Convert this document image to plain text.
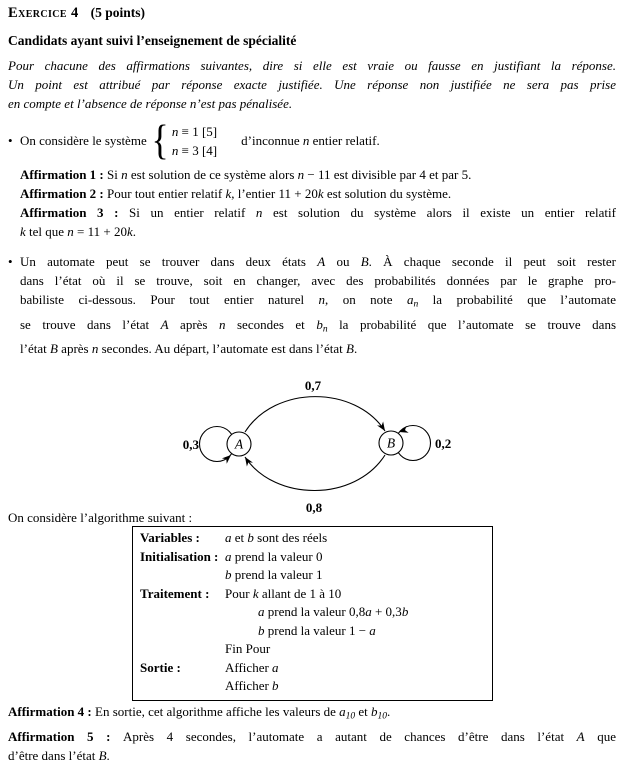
Exercice 4 (5 points)
Candidats ayant suivi l’enseignement de spécialité
Pour chacune des affirmations suivantes, dire si elle est vraie ou fausse en justifiant la réponse.
Un point est attribué par réponse exacte justifiée. Une réponse non justifiée ne sera pas prise
en compte et l’absence de réponse n’est pas pénalisée.
• On considère le système { n ≡ 1 [5]
n ≡ 3 [4]
d’inconnue n entier relatif.
Affirmation 1 : Si n est solution de ce système alors n − 11 est divisible par 4 et par 5.
Affirmation 2 : Pour tout entier relatif k, l’entier 11 + 20k est solution du système.
Affirmation 3 : Si un entier relatif n est solution du système alors il existe un entier relatif
k tel que n = 11 + 20k.
• Un automate peut se trouver dans deux états A ou B. À chaque seconde il peut soit rester
dans l’état où il se trouve, soit en changer, avec des probabilités données par le graphe pro-
babiliste ci-dessous. Pour tout entier naturel n, on note an la probabilité que l’automate
se trouve dans l’état A après n secondes et bn la probabilité que l’automate se trouve dans
l’état B après n secondes. Au départ, l’automate est dans l’état B.
A	B
0,7
0,8
0,3	0,2
On considère l’algorithme suivant :
Variables : a et b sont des réels
Initialisation : a prend la valeur 0
b prend la valeur 1
Traitement : Pour k allant de 1 à 10
a prend la valeur 0,8a + 0,3b
b prend la valeur 1 − a
Fin Pour
Sortie :	Afficher a
Afficher b
Affirmation 4 : En sortie, cet algorithme affiche les valeurs de a10 et b10.
Affirmation 5 : Après 4 secondes, l’automate a autant de chances d’être dans l’état A que
d’être dans l’état B.
